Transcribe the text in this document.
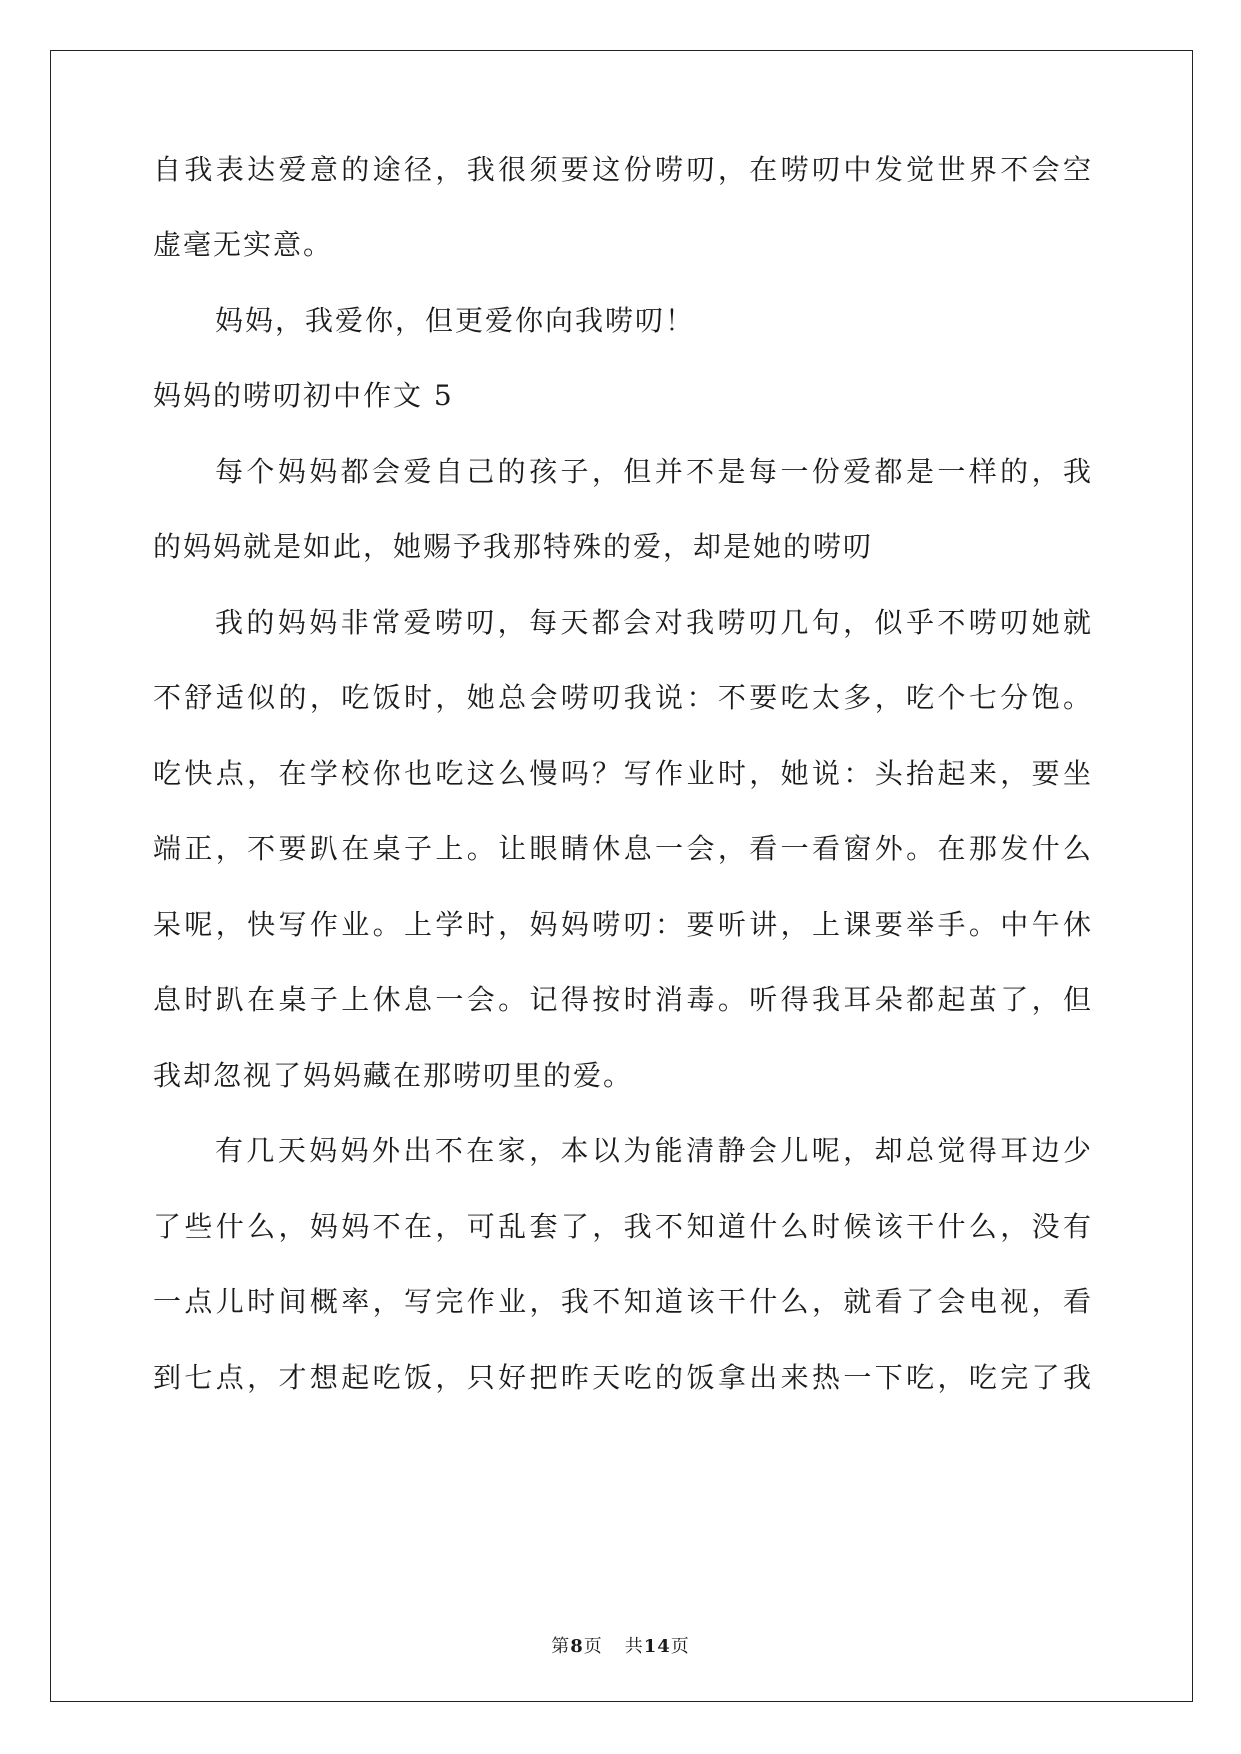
自我表达爱意的途径，我很须要这份唠叨，在唠叨中发觉世界不会空
虚毫无实意。
妈妈，我爱你，但更爱你向我唠叨！
妈妈的唠叨初中作文 5
每个妈妈都会爱自己的孩子，但并不是每一份爱都是一样的，我
的妈妈就是如此，她赐予我那特殊的爱，却是她的唠叨
我的妈妈非常爱唠叨，每天都会对我唠叨几句，似乎不唠叨她就
不舒适似的，吃饭时，她总会唠叨我说：不要吃太多，吃个七分饱。
吃快点，在学校你也吃这么慢吗？写作业时，她说：头抬起来，要坐
端正，不要趴在桌子上。让眼睛休息一会，看一看窗外。在那发什么
呆呢，快写作业。上学时，妈妈唠叨：要听讲，上课要举手。中午休
息时趴在桌子上休息一会。记得按时消毒。听得我耳朵都起茧了，但
我却忽视了妈妈藏在那唠叨里的爱。
有几天妈妈外出不在家，本以为能清静会儿呢，却总觉得耳边少
了些什么，妈妈不在，可乱套了，我不知道什么时候该干什么，没有
一点儿时间概率，写完作业，我不知道该干什么，就看了会电视，看
到七点，才想起吃饭，只好把昨天吃的饭拿出来热一下吃，吃完了我
第8页 共14页
